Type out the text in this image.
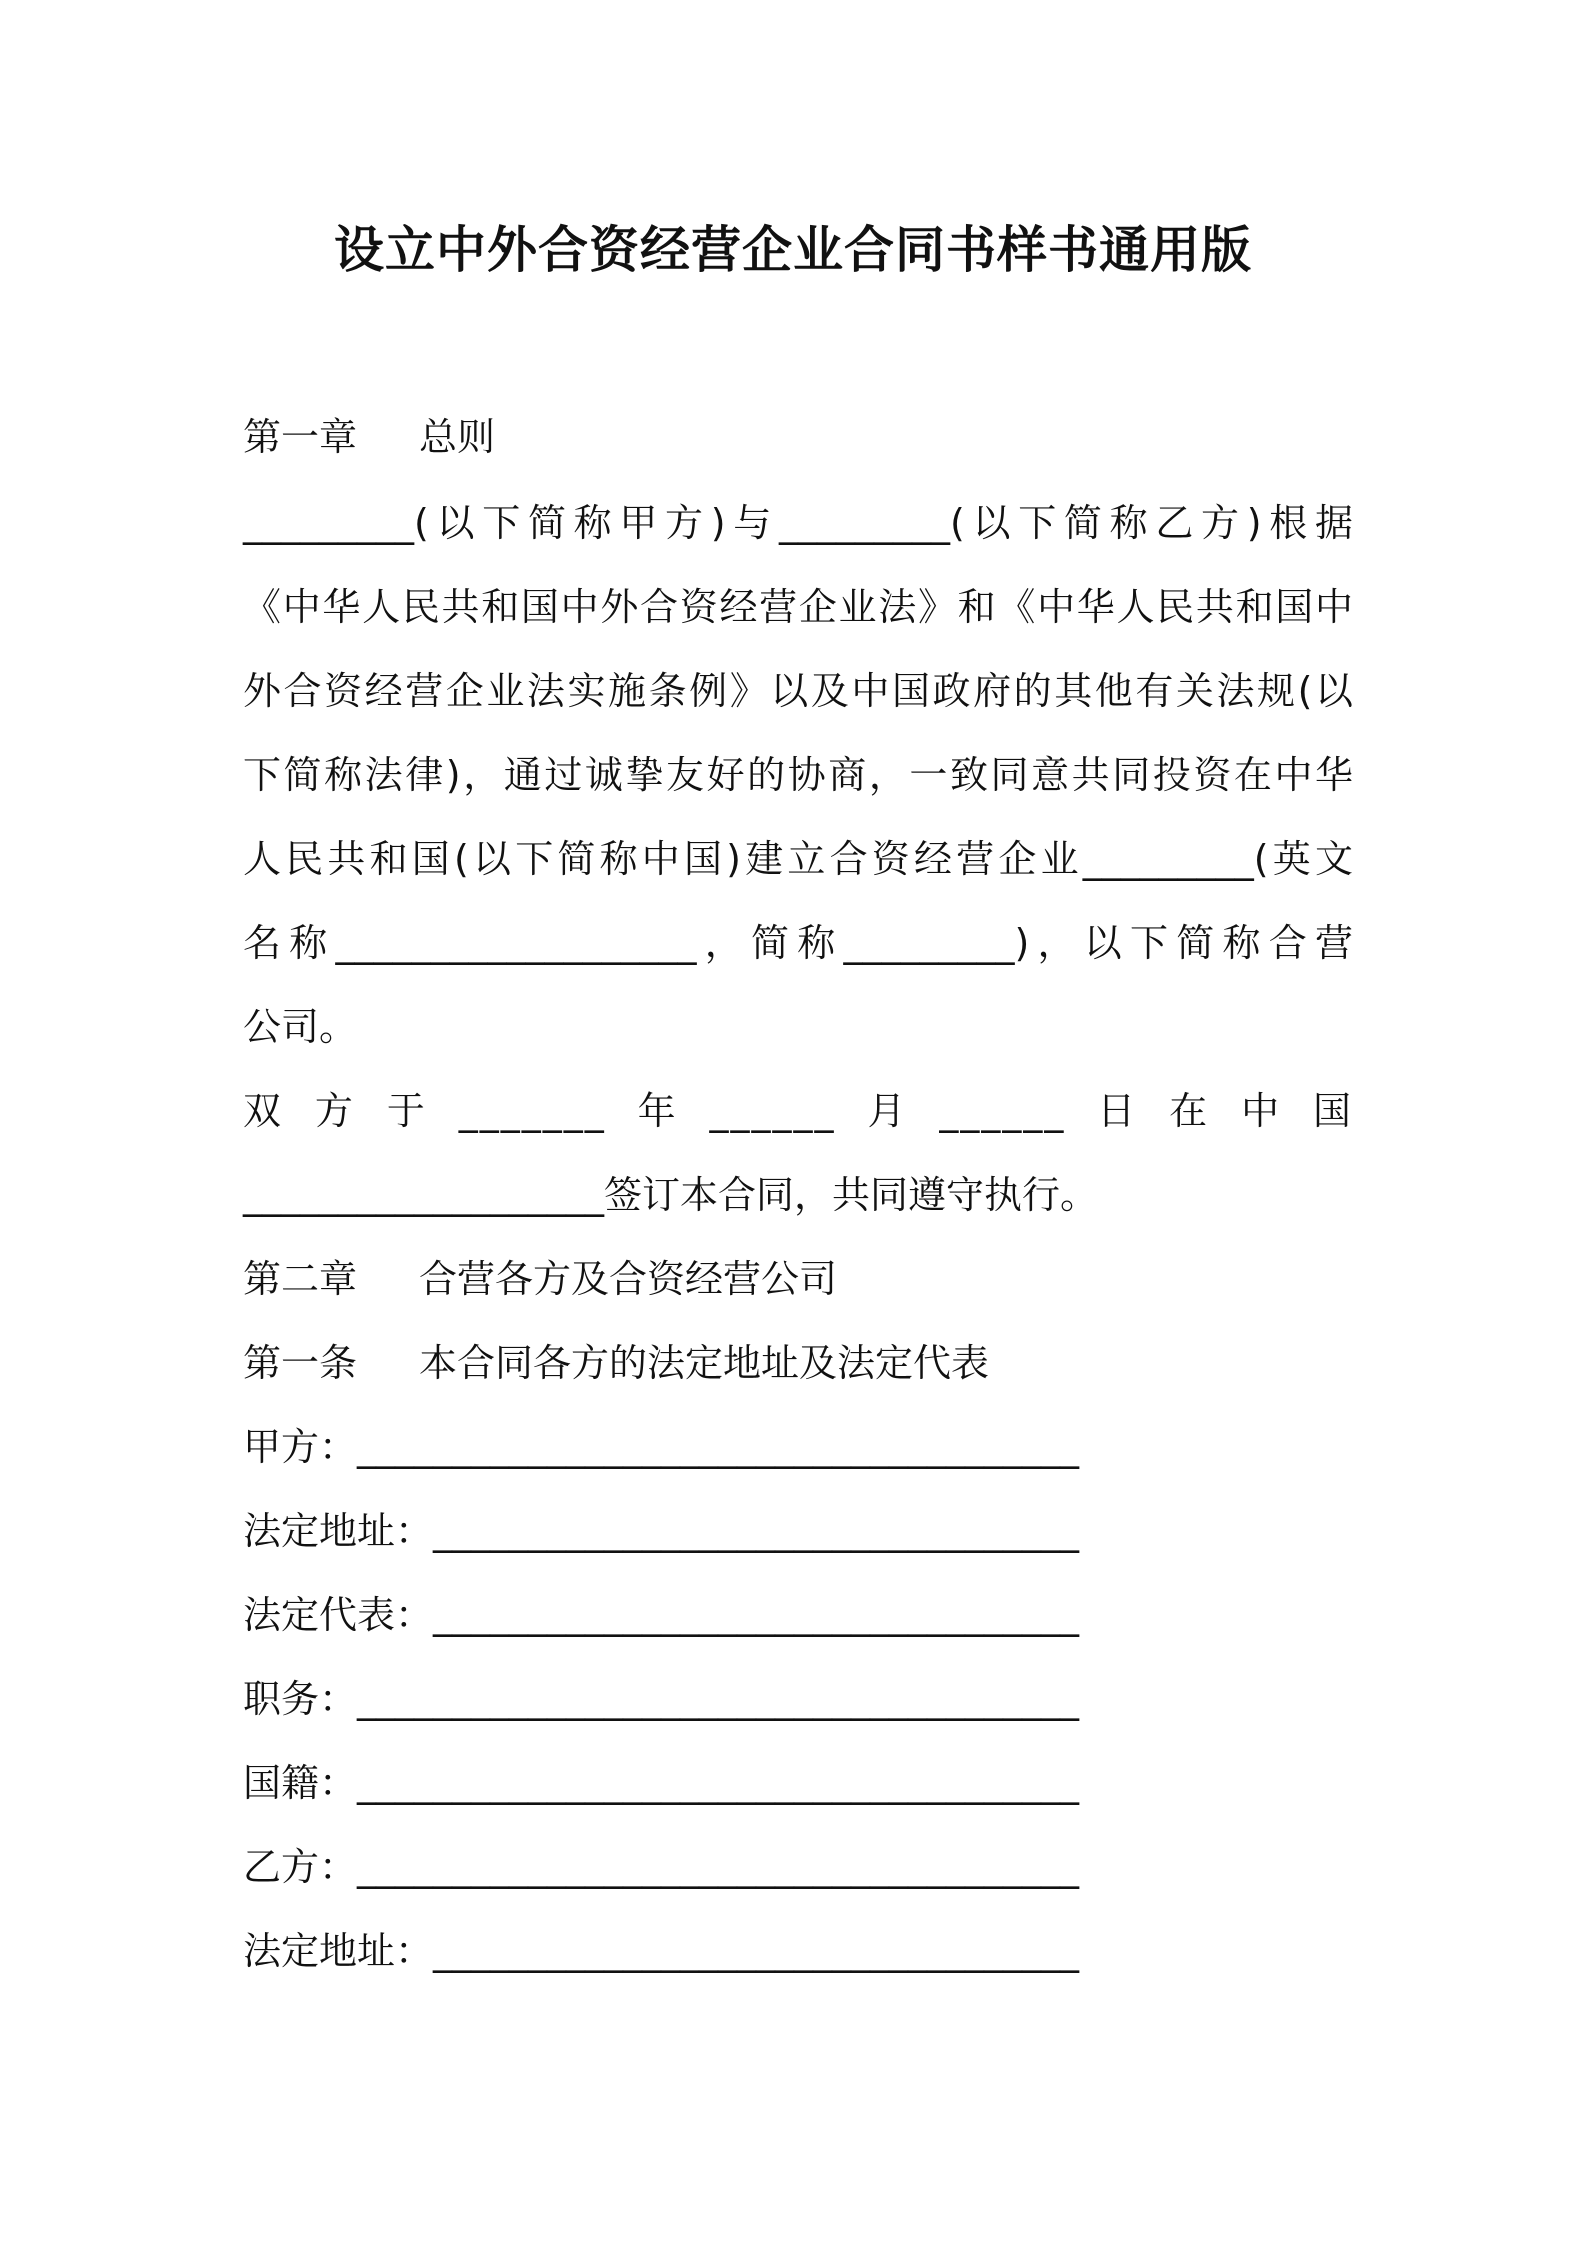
设立中外合资经营企业合同书样书通用版
第一章 总则
_________(以下简称甲方)与_________(以下简称乙方)根据
《中华人民共和国中外合资经营企业法》和《中华人民共和国中
外合资经营企业法实施条例》以及中国政府的其他有关法规(以
下简称法律)，通过诚挚友好的协商，一致同意共同投资在中华
人民共和国(以下简称中国)建立合资经营企业_________(英文
名称___________________，简称_________)，以下简称合营
公司。
双方于_______年______月______日在中国
___________________签订本合同，共同遵守执行。
第二章 合营各方及合资经营公司
第一条 本合同各方的法定地址及法定代表
甲方：______________________________________
法定地址：__________________________________
法定代表：__________________________________
职务：______________________________________
国籍：______________________________________
乙方：______________________________________
法定地址：__________________________________
